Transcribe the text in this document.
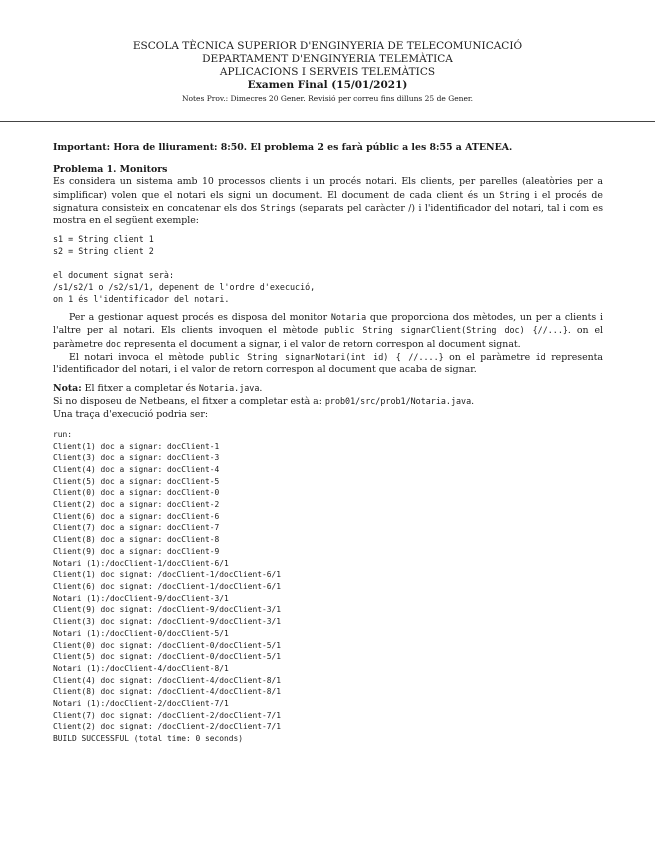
ESCOLA TÈCNICA SUPERIOR D'ENGINYERIA DE TELECOMUNICACIÓ
DEPARTAMENT D'ENGINYERIA TELEMÀTICA
APLICACIONS I SERVEIS TELEMÀTICS
Examen Final (15/01/2021)
Notes Prov.: Dimecres 20 Gener. Revisió per correu fins dilluns 25 de Gener.

Important: Hora de lliurament: 8:50. El problema 2 es farà públic a les 8:55 a ATENEA.

Problema 1. Monitors

Es considera un sistema amb 10 processos clients i un procés notari. Els clients, per parelles (aleatòries per a simplificar) volen que el notari els signi un document. El document de cada client és un String i el procés de signatura consisteix en concatenar els dos Strings (separats pel caràcter /) i l'identificador del notari, tal i com es mostra en el següent exemple:

s1 = String client 1
s2 = String client 2

el document signat serà:
/s1/s2/1 o /s2/s1/1, depenent de l'ordre d'execució,
on 1 és l'identificador del notari.

Per a gestionar aquest procés es disposa del monitor Notaria que proporciona dos mètodes, un per a clients i l'altre per al notari. Els clients invoquen el mètode public String signarClient(String doc) {//...}. on el paràmetre doc representa el document a signar, i el valor de retorn correspon al document signat.

El notari invoca el mètode public String signarNotari(int id) { //....} on el paràmetre id representa l'identificador del notari, i el valor de retorn correspon al document que acaba de signar.

Nota: El fitxer a completar és Notaria.java.

Si no disposeu de Netbeans, el fitxer a completar està a: prob01/src/prob1/Notaria.java.

Una traça d'execució podria ser:

run:
Client(1) doc a signar: docClient-1
Client(3) doc a signar: docClient-3
Client(4) doc a signar: docClient-4
Client(5) doc a signar: docClient-5
Client(0) doc a signar: docClient-0
Client(2) doc a signar: docClient-2
Client(6) doc a signar: docClient-6
Client(7) doc a signar: docClient-7
Client(8) doc a signar: docClient-8
Client(9) doc a signar: docClient-9
Notari (1):/docClient-1/docClient-6/1
Client(1) doc signat: /docClient-1/docClient-6/1
Client(6) doc signat: /docClient-1/docClient-6/1
Notari (1):/docClient-9/docClient-3/1
Client(9) doc signat: /docClient-9/docClient-3/1
Client(3) doc signat: /docClient-9/docClient-3/1
Notari (1):/docClient-0/docClient-5/1
Client(0) doc signat: /docClient-0/docClient-5/1
Client(5) doc signat: /docClient-0/docClient-5/1
Notari (1):/docClient-4/docClient-8/1
Client(4) doc signat: /docClient-4/docClient-8/1
Client(8) doc signat: /docClient-4/docClient-8/1
Notari (1):/docClient-2/docClient-7/1
Client(7) doc signat: /docClient-2/docClient-7/1
Client(2) doc signat: /docClient-2/docClient-7/1
BUILD SUCCESSFUL (total time: 0 seconds)
